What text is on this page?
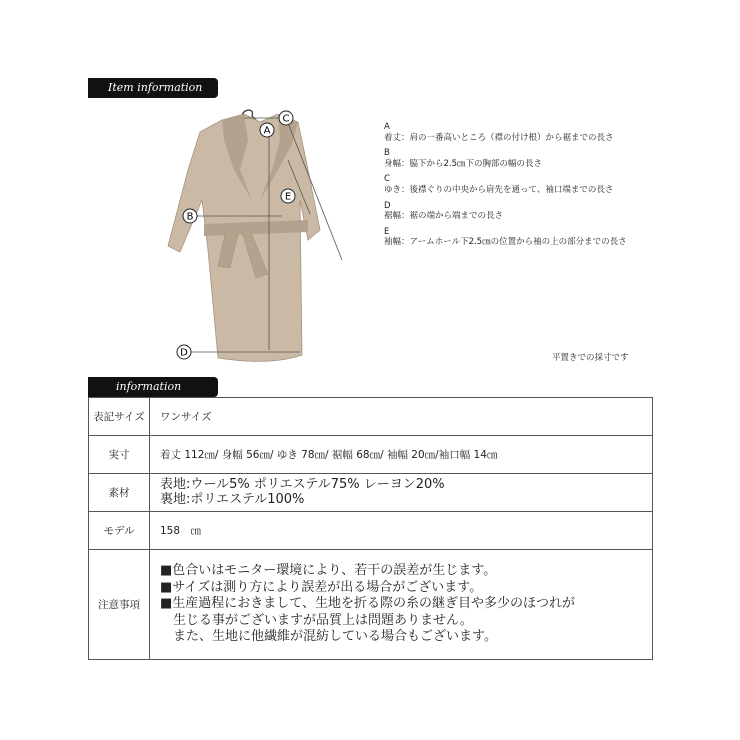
Item information
A
B
C
D
E
A
着丈：肩の一番高いところ（襟の付け根）から裾までの長さ
B
身幅：脇下から2.5㎝下の胸部の幅の長さ
C
ゆき：後襟ぐりの中央から肩先を通って、袖口端までの長さ
D
裾幅：裾の端から端までの長さ
E
袖幅：アームホール下2.5㎝の位置から袖の上の部分までの長さ
平置きでの採寸です
information
表記サイズ	ワンサイズ
実寸	着丈 112㎝/ 身幅 56㎝/ ゆき 78㎝/ 裾幅 68㎝/ 袖幅 20㎝/袖口幅 14㎝
素材	表地:ウール5% ポリエステル75% レーヨン20%
裏地:ポリエステル100%

モデル	158　㎝
注意事項	■色合いはモニター環境により、若干の誤差が生じます。
■サイズは測り方により誤差が出る場合がございます。
■生産過程におきまして、生地を折る際の糸の継ぎ目や多少のほつれが
生じる事がございますが品質上は問題ありません。
また、生地に他繊維が混紡している場合もございます。
